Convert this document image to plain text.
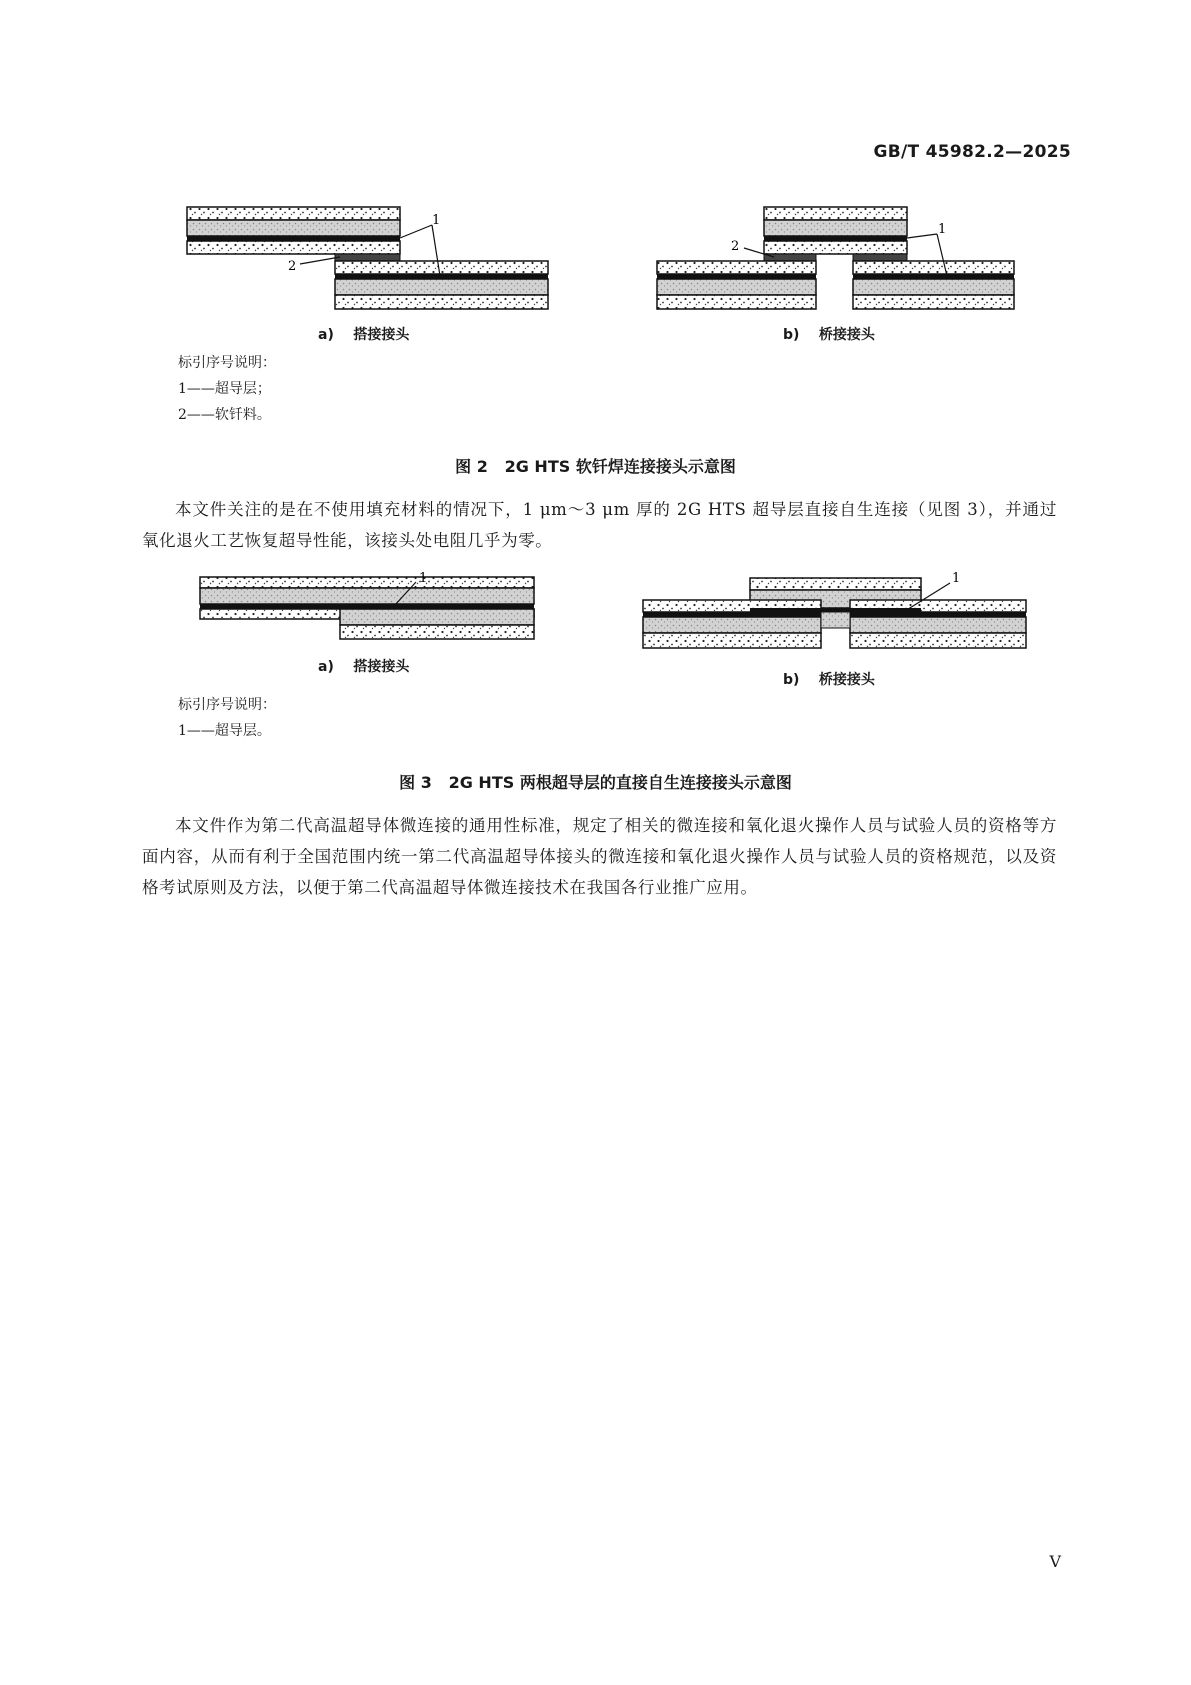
GB/T 45982.2—2025
1
2
1
2
1	1
a)    搭接接头	b)    桥接接头
标引序号说明：
1——超导层；
2——软钎料。
图 2   2G HTS 软钎焊连接接头示意图
本文件关注的是在不使用填充材料的情况下，1 μm～3 μm 厚的 2G HTS 超导层直接自生连接（见图 3），并通过氧化退火工艺恢复超导性能，该接头处电阻几乎为零。
a)    搭接接头
b)    桥接接头
标引序号说明：
1——超导层。
图 3   2G HTS 两根超导层的直接自生连接接头示意图
本文件作为第二代高温超导体微连接的通用性标准，规定了相关的微连接和氧化退火操作人员与试验人员的资格等方面内容，从而有利于全国范围内统一第二代高温超导体接头的微连接和氧化退火操作人员与试验人员的资格规范，以及资格考试原则及方法，以便于第二代高温超导体微连接技术在我国各行业推广应用。
V
